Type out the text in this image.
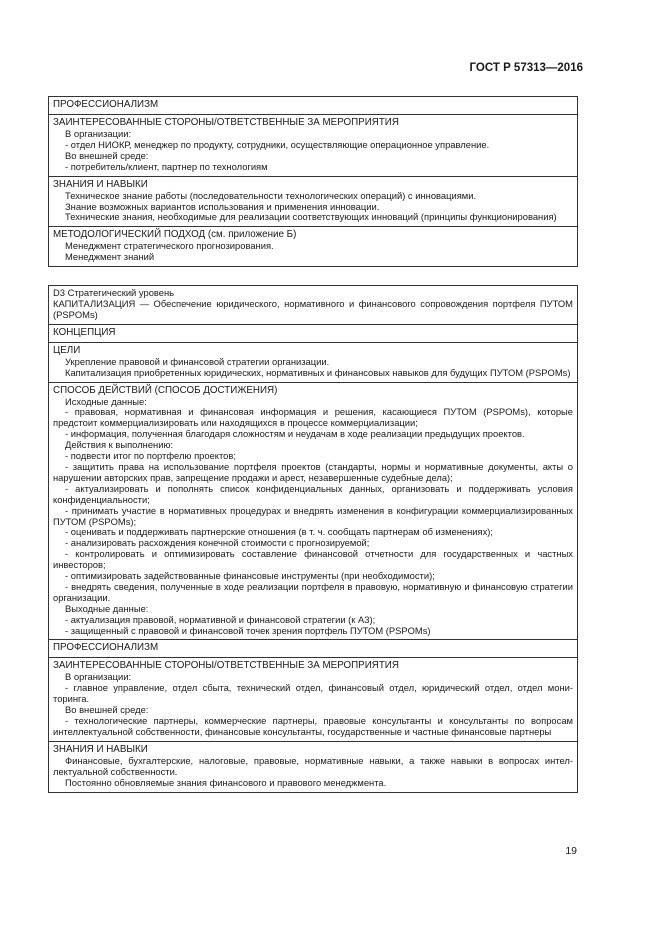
ГОСТ Р 57313—2016
ПРОФЕССИОНАЛИЗМ
ЗАИНТЕРЕСОВАННЫЕ СТОРОНЫ/ОТВЕТСТВЕННЫЕ ЗА МЕРОПРИЯТИЯ
В организации:
- отдел НИОКР, менеджер по продукту, сотрудники, осуществляющие операционное управление.
Во внешней среде:
- потребитель/клиент, партнер по технологиям
ЗНАНИЯ И НАВЫКИ
Техническое знание работы (последовательности технологических операций) с инновациями.
Знание возможных вариантов использования и применения инновации.
Технические знания, необходимые для реализации соответствующих инноваций (принципы функционирования)
МЕТОДОЛОГИЧЕСКИЙ ПОДХОД (см. приложение Б)
Менеджмент стратегического прогнозирования.
Менеджмент знаний
D3 Стратегический уровень
КАПИТАЛИЗАЦИЯ — Обеспечение юридического, нормативного и финансового сопровождения портфеля ПУТОМ (PSPOMs)
КОНЦЕПЦИЯ
ЦЕЛИ
Укрепление правовой и финансовой стратегии организации.
Капитализация приобретенных юридических, нормативных и финансовых навыков для будущих ПУТОМ (PSPOMs)
СПОСОБ ДЕЙСТВИЙ (СПОСОБ ДОСТИЖЕНИЯ)
Исходные данные:
- правовая, нормативная и финансовая информация и решения, касающиеся ПУТОМ (PSPOMs), которые предстоит коммерциализировать или находящихся в процессе коммерциализации;
- информация, полученная благодаря сложностям и неудачам в ходе реализации предыдущих проектов.
Действия к выполнению:
- подвести итог по портфелю проектов;
- защитить права на использование портфеля проектов (стандарты, нормы и нормативные документы, акты о нарушении авторских прав, запрещение продажи и арест, незавершенные судебные дела);
- актуализировать и пополнять список конфиденциальных данных, организовать и поддерживать условия конфиденциальности;
- принимать участие в нормативных процедурах и внедрять изменения в конфигурации коммерциализированных ПУТОМ (PSPOMs);
- оценивать и поддерживать партнерские отношения (в т. ч. сообщать партнерам об изменениях);
- анализировать расхождения конечной стоимости с прогнозируемой;
- контролировать и оптимизировать составление финансовой отчетности для государственных и частных инвесторов;
- оптимизировать задействованные финансовые инструменты (при необходимости);
- внедрять сведения, полученные в ходе реализации портфеля в правовую, нормативную и финансовую стратегии организации.
Выходные данные:
- актуализация правовой, нормативной и финансовой стратегии (к А3);
- защищенный с правовой и финансовой точек зрения портфель ПУТОМ (PSPOMs)
ПРОФЕССИОНАЛИЗМ
ЗАИНТЕРЕСОВАННЫЕ СТОРОНЫ/ОТВЕТСТВЕННЫЕ ЗА МЕРОПРИЯТИЯ
В организации:
- главное управление, отдел сбыта, технический отдел, финансовый отдел, юридический отдел, отдел мониторинга.
Во внешней среде:
- технологические партнеры, коммерческие партнеры, правовые консультанты и консультанты по вопросам интеллектуальной собственности, финансовые консультанты, государственные и частные финансовые партнеры
ЗНАНИЯ И НАВЫКИ
Финансовые, бухгалтерские, налоговые, правовые, нормативные навыки, а также навыки в вопросах интеллектуальной собственности.
Постоянно обновляемые знания финансового и правового менеджмента.
19
